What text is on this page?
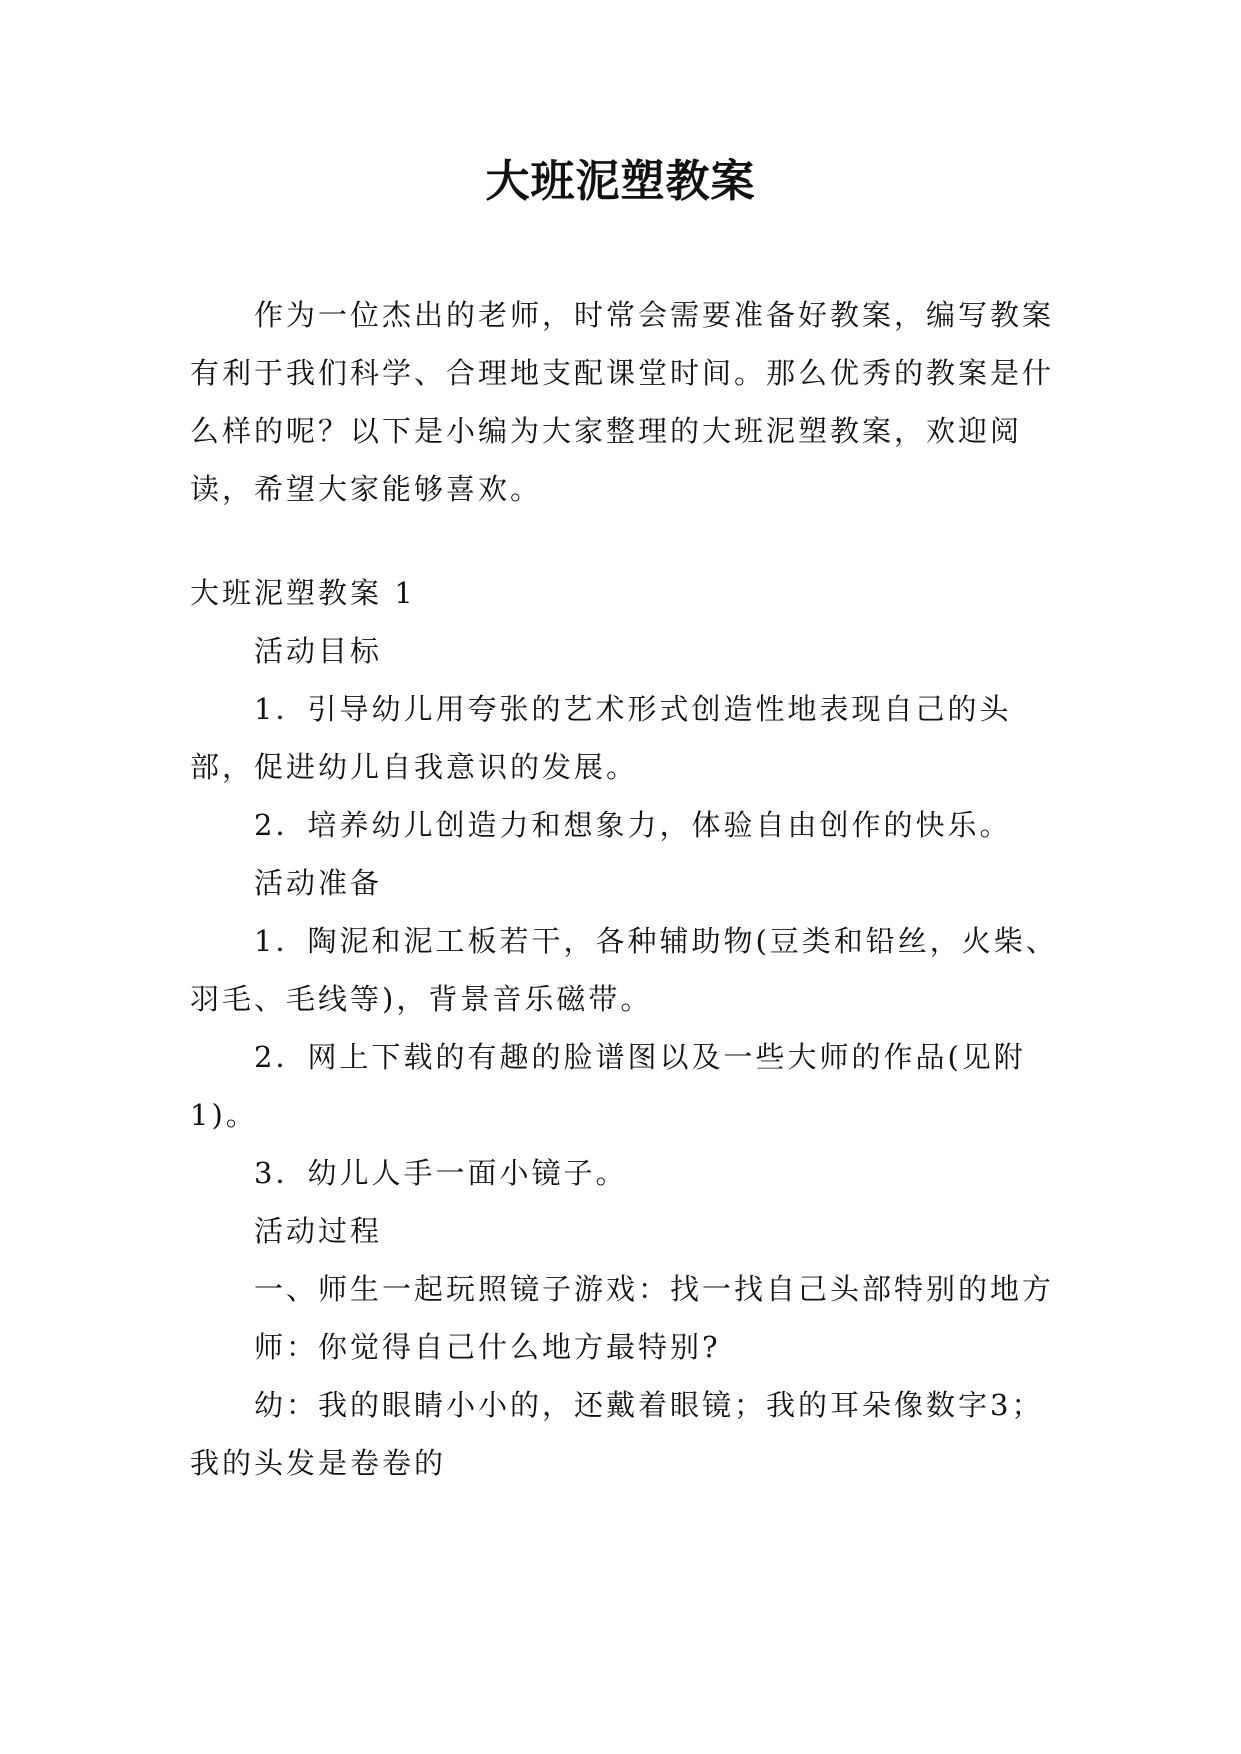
大班泥塑教案

作为一位杰出的老师，时常会需要准备好教案，编写教案有利于我们科学、合理地支配课堂时间。那么优秀的教案是什么样的呢？以下是小编为大家整理的大班泥塑教案，欢迎阅读，希望大家能够喜欢。

大班泥塑教案 1

活动目标

1．引导幼儿用夸张的艺术形式创造性地表现自己的头部，促进幼儿自我意识的发展。

2．培养幼儿创造力和想象力，体验自由创作的快乐。

活动准备

1．陶泥和泥工板若干，各种辅助物(豆类和铅丝，火柴、羽毛、毛线等)，背景音乐磁带。

2．网上下载的有趣的脸谱图以及一些大师的作品(见附1)。

3．幼儿人手一面小镜子。

活动过程

一、师生一起玩照镜子游戏：找一找自己头部特别的地方

师：你觉得自己什么地方最特别?

幼：我的眼睛小小的，还戴着眼镜；我的耳朵像数字3；我的头发是卷卷的
